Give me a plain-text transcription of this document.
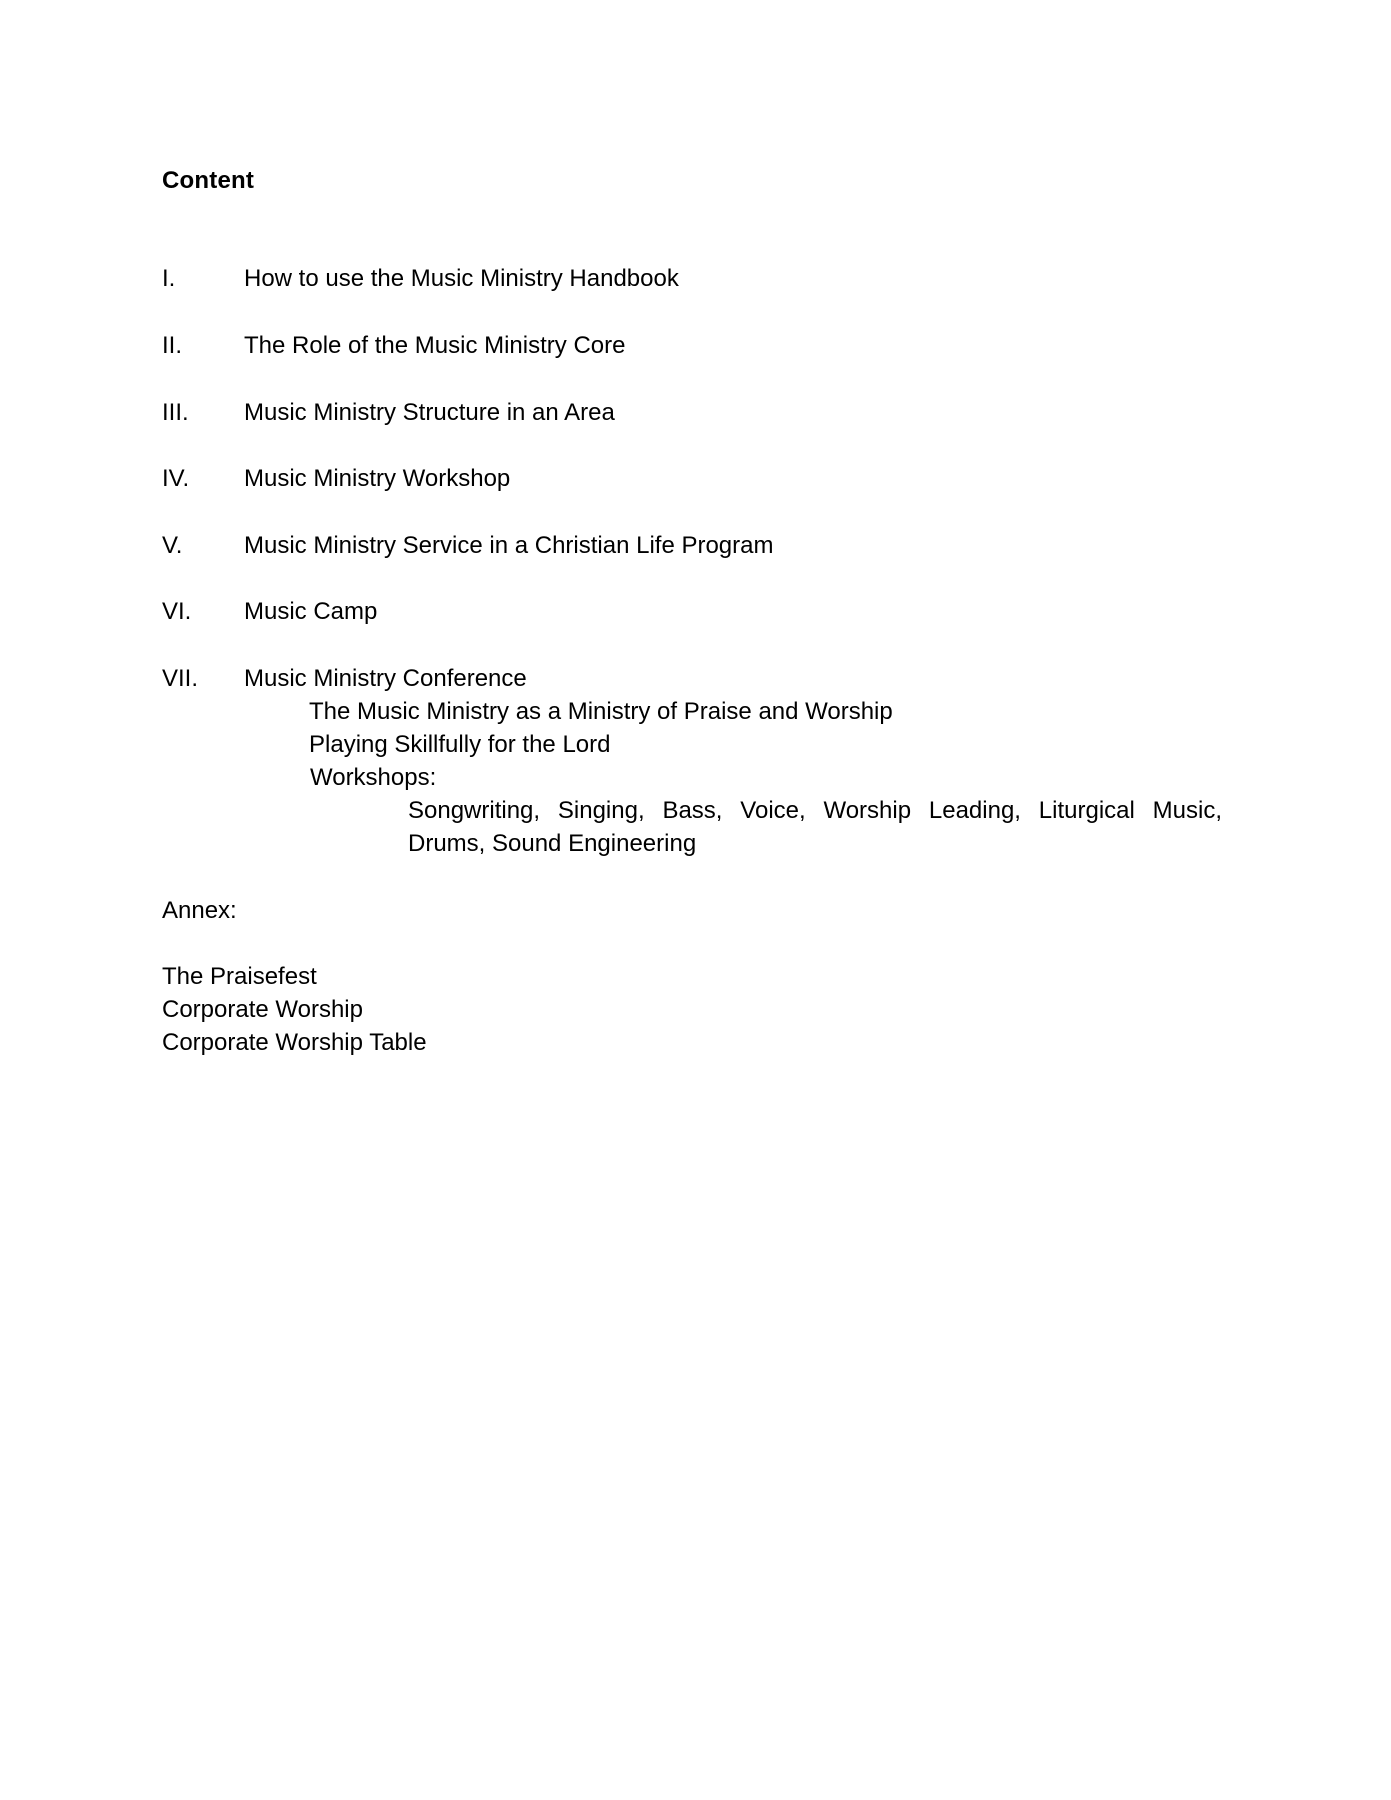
Content
I.	How to use the Music Ministry Handbook
II.	The Role of the Music Ministry Core
III. Music Ministry Structure in an Area
IV. Music Ministry Workshop
V.	Music Ministry Service in a Christian Life Program
VI. Music Camp
VII. Music Ministry Conference
The Music Ministry as a Ministry of Praise and Worship
Playing Skillfully for the Lord
Workshops:
Songwriting, Singing, Bass, Voice, Worship Leading, Liturgical Music, Drums, Sound Engineering
Annex:
The Praisefest
Corporate Worship
Corporate Worship Table
